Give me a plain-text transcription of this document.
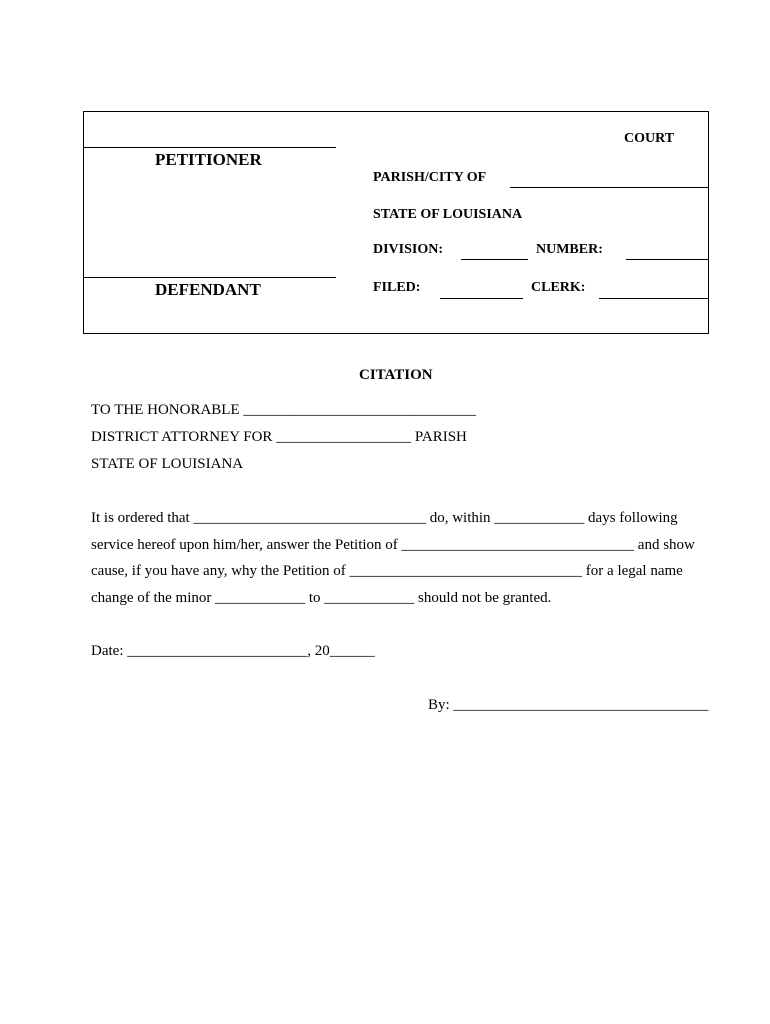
PETITIONER
DEFENDANT
COURT
PARISH/CITY OF
STATE OF LOUISIANA
DIVISION:	NUMBER:
FILED:	CLERK:
CITATION
TO THE HONORABLE _______________________________
DISTRICT ATTORNEY FOR __________________ PARISH
STATE OF LOUISIANA
It is ordered that _______________________________ do, within ____________ days following
service hereof upon him/her, answer the Petition of _______________________________ and show
cause, if you have any, why the Petition of _______________________________ for a legal name
change of the minor ____________ to ____________ should not be granted.
Date: ________________________, 20______
By: __________________________________
